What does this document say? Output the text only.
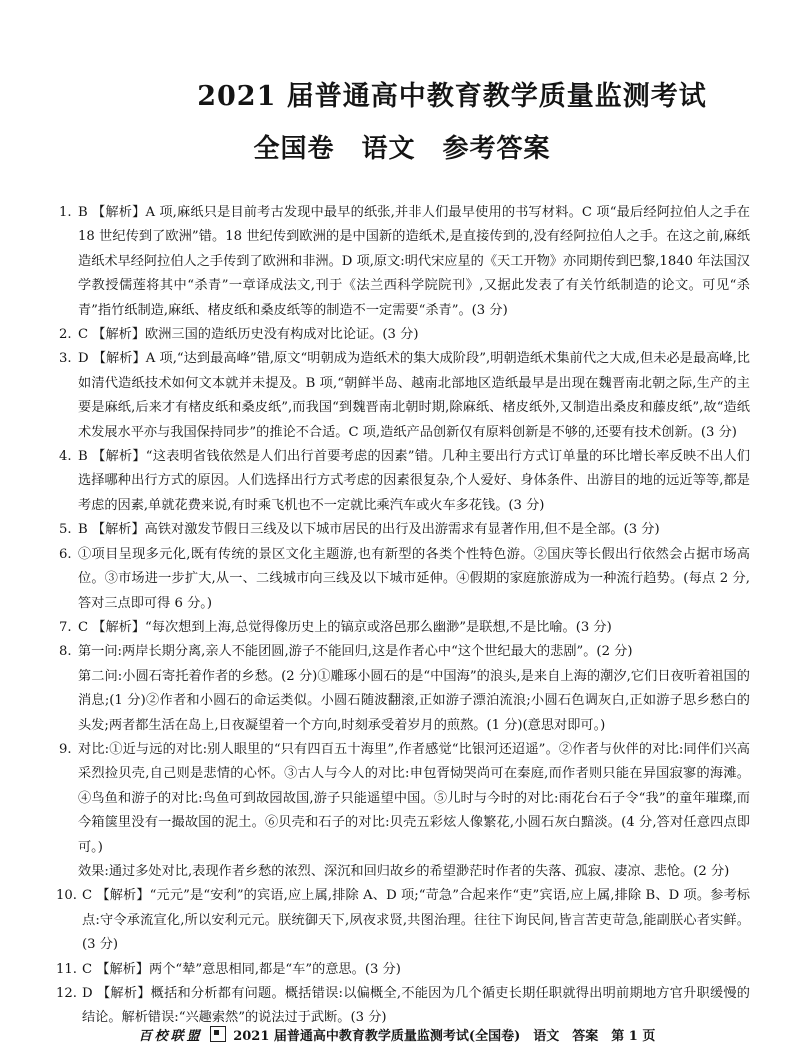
2021 届普通高中教育教学质量监测考试
全国卷　语文　参考答案
1. B 【解析】A 项,麻纸只是目前考古发现中最早的纸张,并非人们最早使用的书写材料。C 项“最后经阿拉伯人之手在 18 世纪传到了欧洲”错。18 世纪传到欧洲的是中国新的造纸术,是直接传到的,没有经阿拉伯人之手。在这之前,麻纸造纸术早经阿拉伯人之手传到了欧洲和非洲。D 项,原文:明代宋应星的《天工开物》亦同期传到巴黎,1840 年法国汉学教授儒莲将其中“杀青”一章译成法文,刊于《法兰西科学院院刊》,又据此发表了有关竹纸制造的论文。可见“杀青”指竹纸制造,麻纸、楮皮纸和桑皮纸等的制造不一定需要“杀青”。(3 分)
2. C 【解析】欧洲三国的造纸历史没有构成对比论证。(3 分)
3. D 【解析】A 项,“达到最高峰”错,原文“明朝成为造纸术的集大成阶段”,明朝造纸术集前代之大成,但未必是最高峰,比如清代造纸技术如何文本就并未提及。B 项,“朝鲜半岛、越南北部地区造纸最早是出现在魏晋南北朝之际,生产的主要是麻纸,后来才有楮皮纸和桑皮纸”,而我国“到魏晋南北朝时期,除麻纸、楮皮纸外,又制造出桑皮和藤皮纸”,故“造纸术发展水平亦与我国保持同步”的推论不合适。C 项,造纸产品创新仅有原料创新是不够的,还要有技术创新。(3 分)
4. B 【解析】“这表明省钱依然是人们出行首要考虑的因素”错。几种主要出行方式订单量的环比增长率反映不出人们选择哪种出行方式的原因。人们选择出行方式考虑的因素很复杂,个人爱好、身体条件、出游目的地的远近等等,都是考虑的因素,单就花费来说,有时乘飞机也不一定就比乘汽车或火车多花钱。(3 分)
5. B 【解析】高铁对激发节假日三线及以下城市居民的出行及出游需求有显著作用,但不是全部。(3 分)
6. ①项目呈现多元化,既有传统的景区文化主题游,也有新型的各类个性特色游。②国庆等长假出行依然会占据市场高位。③市场进一步扩大,从一、二线城市向三线及以下城市延伸。④假期的家庭旅游成为一种流行趋势。(每点 2 分,答对三点即可得 6 分。)
7. C 【解析】“每次想到上海,总觉得像历史上的镐京或洛邑那么幽渺”是联想,不是比喻。(3 分)
8. 第一问:两岸长期分离,亲人不能团圆,游子不能回归,这是作者心中“这个世纪最大的悲剧”。(2 分)
第二问:小圆石寄托着作者的乡愁。(2 分)①雕琢小圆石的是“中国海”的浪头,是来自上海的潮汐,它们日夜听着祖国的消息;(1 分)②作者和小圆石的命运类似。小圆石随波翻滚,正如游子漂泊流浪;小圆石色调灰白,正如游子思乡愁白的头发;两者都生活在岛上,日夜凝望着一个方向,时刻承受着岁月的煎熬。(1 分)(意思对即可。)
9. 对比:①近与远的对比:别人眼里的“只有四百五十海里”,作者感觉“比银河还迢遥”。②作者与伙伴的对比:同伴们兴高采烈捡贝壳,自己则是悲情的心怀。③古人与今人的对比:申包胥恸哭尚可在秦庭,而作者则只能在异国寂寥的海滩。④鸟鱼和游子的对比:鸟鱼可到故园故国,游子只能遥望中国。⑤儿时与今时的对比:雨花台石子令“我”的童年璀璨,而今箱箧里没有一撮故国的泥土。⑥贝壳和石子的对比:贝壳五彩炫人像繁花,小圆石灰白黯淡。(4 分,答对任意四点即可。)
效果:通过多处对比,表现作者乡愁的浓烈、深沉和回归故乡的希望渺茫时作者的失落、孤寂、凄凉、悲怆。(2 分)
10. C 【解析】“元元”是“安利”的宾语,应上属,排除 A、D 项;“苛急”合起来作“吏”宾语,应上属,排除 B、D 项。参考标点:守令承流宣化,所以安利元元。朕统御天下,夙夜求贤,共图治理。往往下询民间,皆言苦吏苛急,能副朕心者实鲜。(3 分)
11. C 【解析】两个“辇”意思相同,都是“车”的意思。(3 分)
12. D 【解析】概括和分析都有问题。概括错误:以偏概全,不能因为几个循吏长期任职就得出明前期地方官升职缓慢的结论。解析错误:“兴趣索然”的说法过于武断。(3 分)
百校联盟 2021 届普通高中教育教学质量监测考试(全国卷)　语文　答案　第 1 页
